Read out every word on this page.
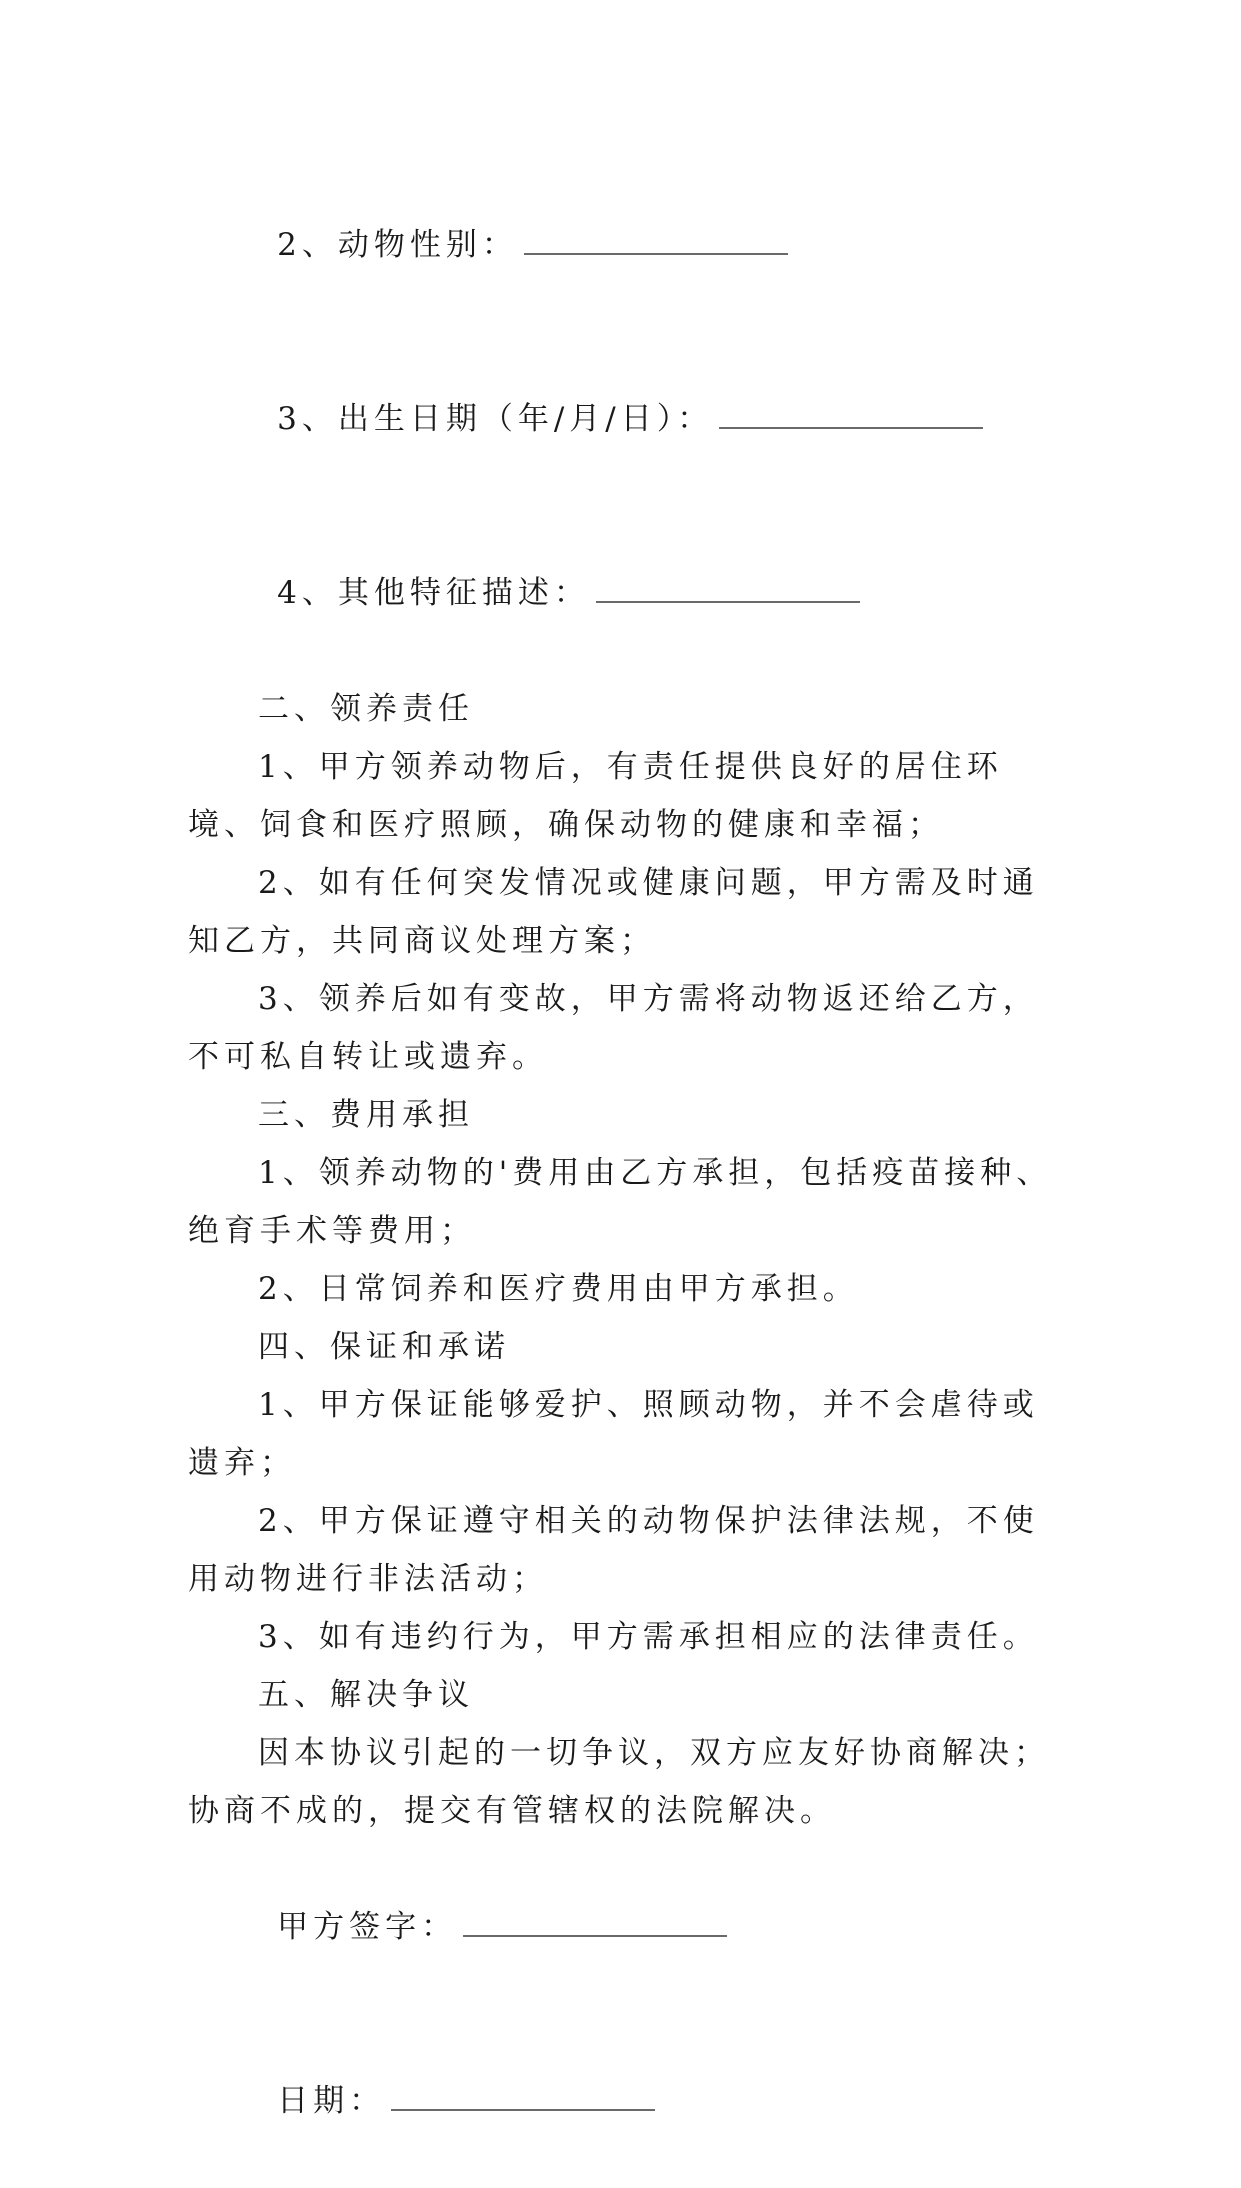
2、动物性别：

3、出生日期（年/月/日）：

4、其他特征描述：

二、领养责任

1、甲方领养动物后，有责任提供良好的居住环境、饲食和医疗照顾，确保动物的健康和幸福；

2、如有任何突发情况或健康问题，甲方需及时通知乙方，共同商议处理方案；

3、领养后如有变故，甲方需将动物返还给乙方，不可私自转让或遗弃。

三、费用承担

1、领养动物的'费用由乙方承担，包括疫苗接种、绝育手术等费用；

2、日常饲养和医疗费用由甲方承担。

四、保证和承诺

1、甲方保证能够爱护、照顾动物，并不会虐待或遗弃；

2、甲方保证遵守相关的动物保护法律法规，不使用动物进行非法活动；

3、如有违约行为，甲方需承担相应的法律责任。

五、解决争议

因本协议引起的一切争议，双方应友好协商解决；协商不成的，提交有管辖权的法院解决。

甲方签字：

日期：
